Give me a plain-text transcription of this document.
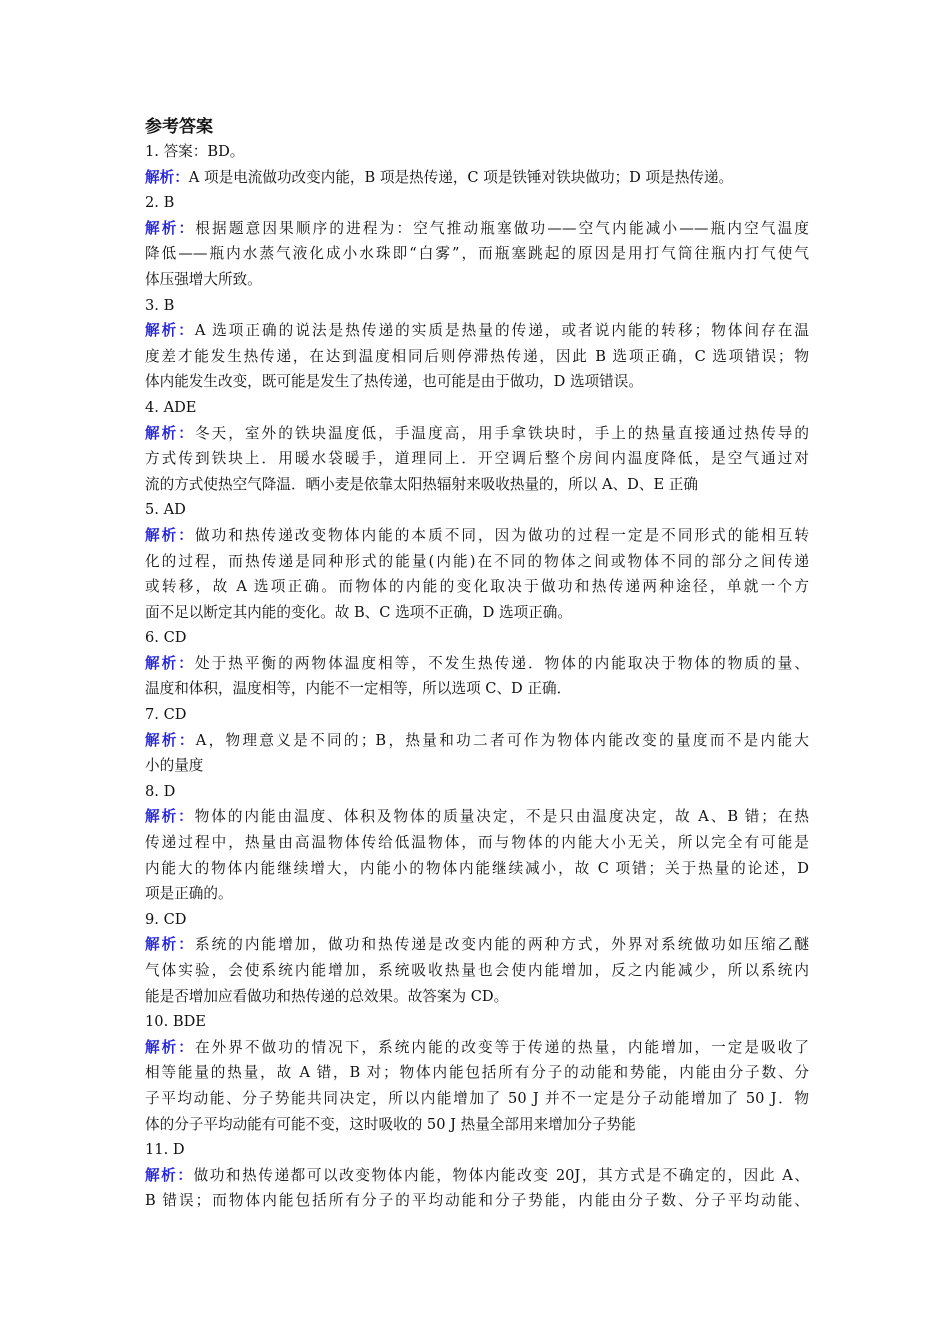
参考答案
1. 答案：BD。
解析：A 项是电流做功改变内能，B 项是热传递，C 项是铁锤对铁块做功；D 项是热传递。
2. B
解析：根据题意因果顺序的进程为：空气推动瓶塞做功——空气内能减小——瓶内空气温度
降低——瓶内水蒸气液化成小水珠即“白雾”，而瓶塞跳起的原因是用打气筒往瓶内打气使气
体压强增大所致。
3. B
解析：A 选项正确的说法是热传递的实质是热量的传递，或者说内能的转移；物体间存在温
度差才能发生热传递，在达到温度相同后则停滞热传递，因此 B 选项正确，C 选项错误；物
体内能发生改变，既可能是发生了热传递，也可能是由于做功，D 选项错误。
4. ADE
解析：冬天，室外的铁块温度低，手温度高，用手拿铁块时，手上的热量直接通过热传导的
方式传到铁块上．用暖水袋暖手，道理同上．开空调后整个房间内温度降低，是空气通过对
流的方式使热空气降温．晒小麦是依靠太阳热辐射来吸收热量的，所以 A、D、E 正确
5. AD
解析：做功和热传递改变物体内能的本质不同，因为做功的过程一定是不同形式的能相互转
化的过程，而热传递是同种形式的能量(内能)在不同的物体之间或物体不同的部分之间传递
或转移，故 A 选项正确。而物体的内能的变化取决于做功和热传递两种途径，单就一个方
面不足以断定其内能的变化。故 B、C 选项不正确，D 选项正确。
6. CD
解析：处于热平衡的两物体温度相等，不发生热传递．物体的内能取决于物体的物质的量、
温度和体积，温度相等，内能不一定相等，所以选项 C、D 正确．
7. CD
解析：A，物理意义是不同的；B，热量和功二者可作为物体内能改变的量度而不是内能大
小的量度
8. D
解析：物体的内能由温度、体积及物体的质量决定，不是只由温度决定，故 A、B 错；在热
传递过程中，热量由高温物体传给低温物体，而与物体的内能大小无关，所以完全有可能是
内能大的物体内能继续增大，内能小的物体内能继续减小，故 C 项错；关于热量的论述，D
项是正确的。
9. CD
解析：系统的内能增加，做功和热传递是改变内能的两种方式，外界对系统做功如压缩乙醚
气体实验，会使系统内能增加，系统吸收热量也会使内能增加，反之内能减少，所以系统内
能是否增加应看做功和热传递的总效果。故答案为 CD。
10. BDE
解析：在外界不做功的情况下，系统内能的改变等于传递的热量，内能增加，一定是吸收了
相等能量的热量，故 A 错，B 对；物体内能包括所有分子的动能和势能，内能由分子数、分
子平均动能、分子势能共同决定，所以内能增加了 50 J 并不一定是分子动能增加了 50 J．物
体的分子平均动能有可能不变，这时吸收的 50 J 热量全部用来增加分子势能
11. D
解析：做功和热传递都可以改变物体内能，物体内能改变 20J，其方式是不确定的，因此 A、
B 错误；而物体内能包括所有分子的平均动能和分子势能，内能由分子数、分子平均动能、
